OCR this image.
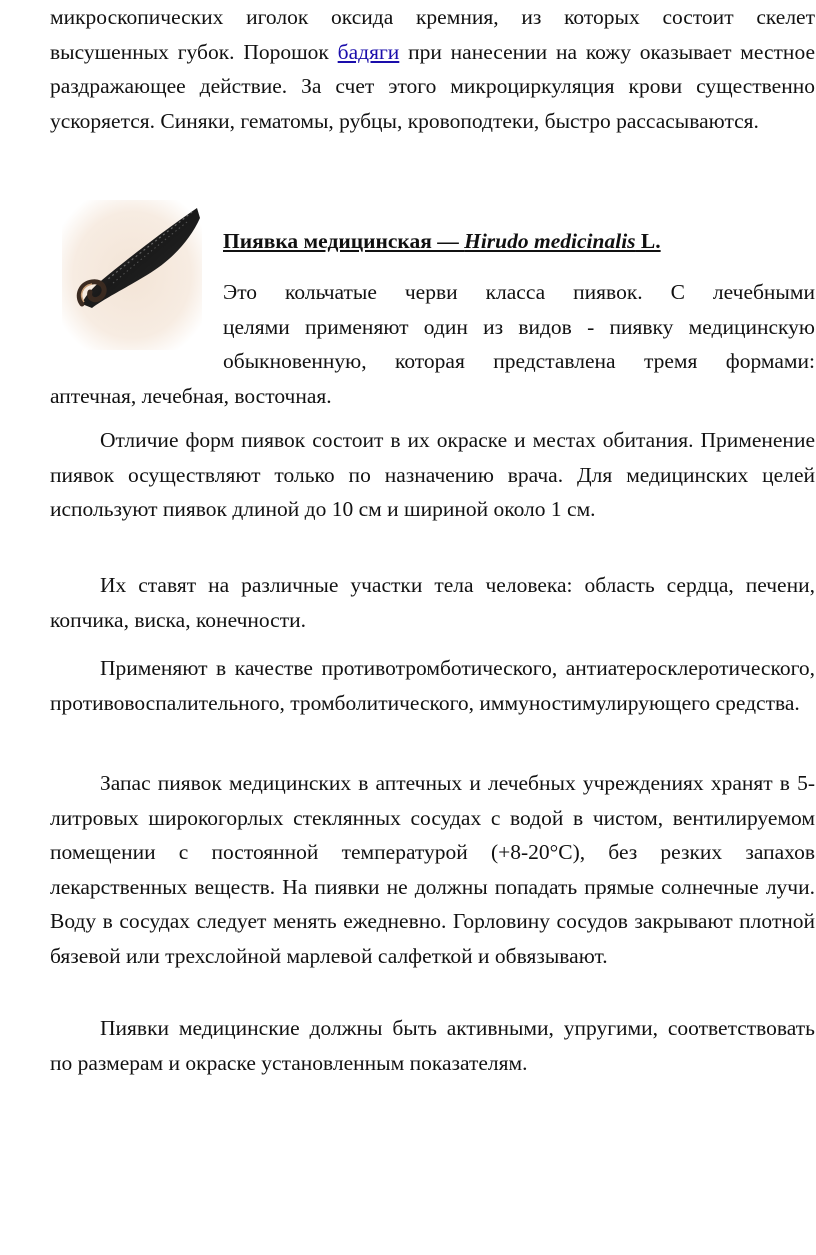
микроскопических иголок оксида кремния, из которых состоит скелет высушенных губок. Порошок бадяги при нанесении на кожу оказывает местное раздражающее действие. За счет этого микроциркуляция крови существенно ускоряется. Синяки, гематомы, рубцы, кровоподтеки, быстро рассасываются.

Пиявка медицинская — Hirudo medicinalis L.

Это кольчатые черви класса пиявок. С лечебными
целями применяют один из видов - пиявку медицинскую
обыкновенную, которая представлена тремя формами:
аптечная, лечебная, восточная.

Отличие форм пиявок состоит в их окраске и местах обитания. Применение пиявок осуществляют только по назначению врача. Для медицинских целей используют пиявок длиной до 10 см и шириной около 1 см.

Их ставят на различные участки тела человека: область сердца, печени, копчика, виска, конечности.

Применяют в качестве противотромботического, антиатеросклеротического, противовоспалительного, тромболитического, иммуностимулирующего средства.

Запас пиявок медицинских в аптечных и лечебных учреждениях хранят в 5-литровых широкогорлых стеклянных сосудах с водой в чистом, вентилируемом помещении с постоянной температурой (+8-20°С), без резких запахов лекарственных веществ. На пиявки не должны попадать прямые солнечные лучи. Воду в сосудах следует менять ежедневно. Горловину сосудов закрывают плотной бязевой или трехслойной марлевой салфеткой и обвязывают.

Пиявки медицинские должны быть активными, упругими, соответствовать по размерам и окраске установленным показателям.
